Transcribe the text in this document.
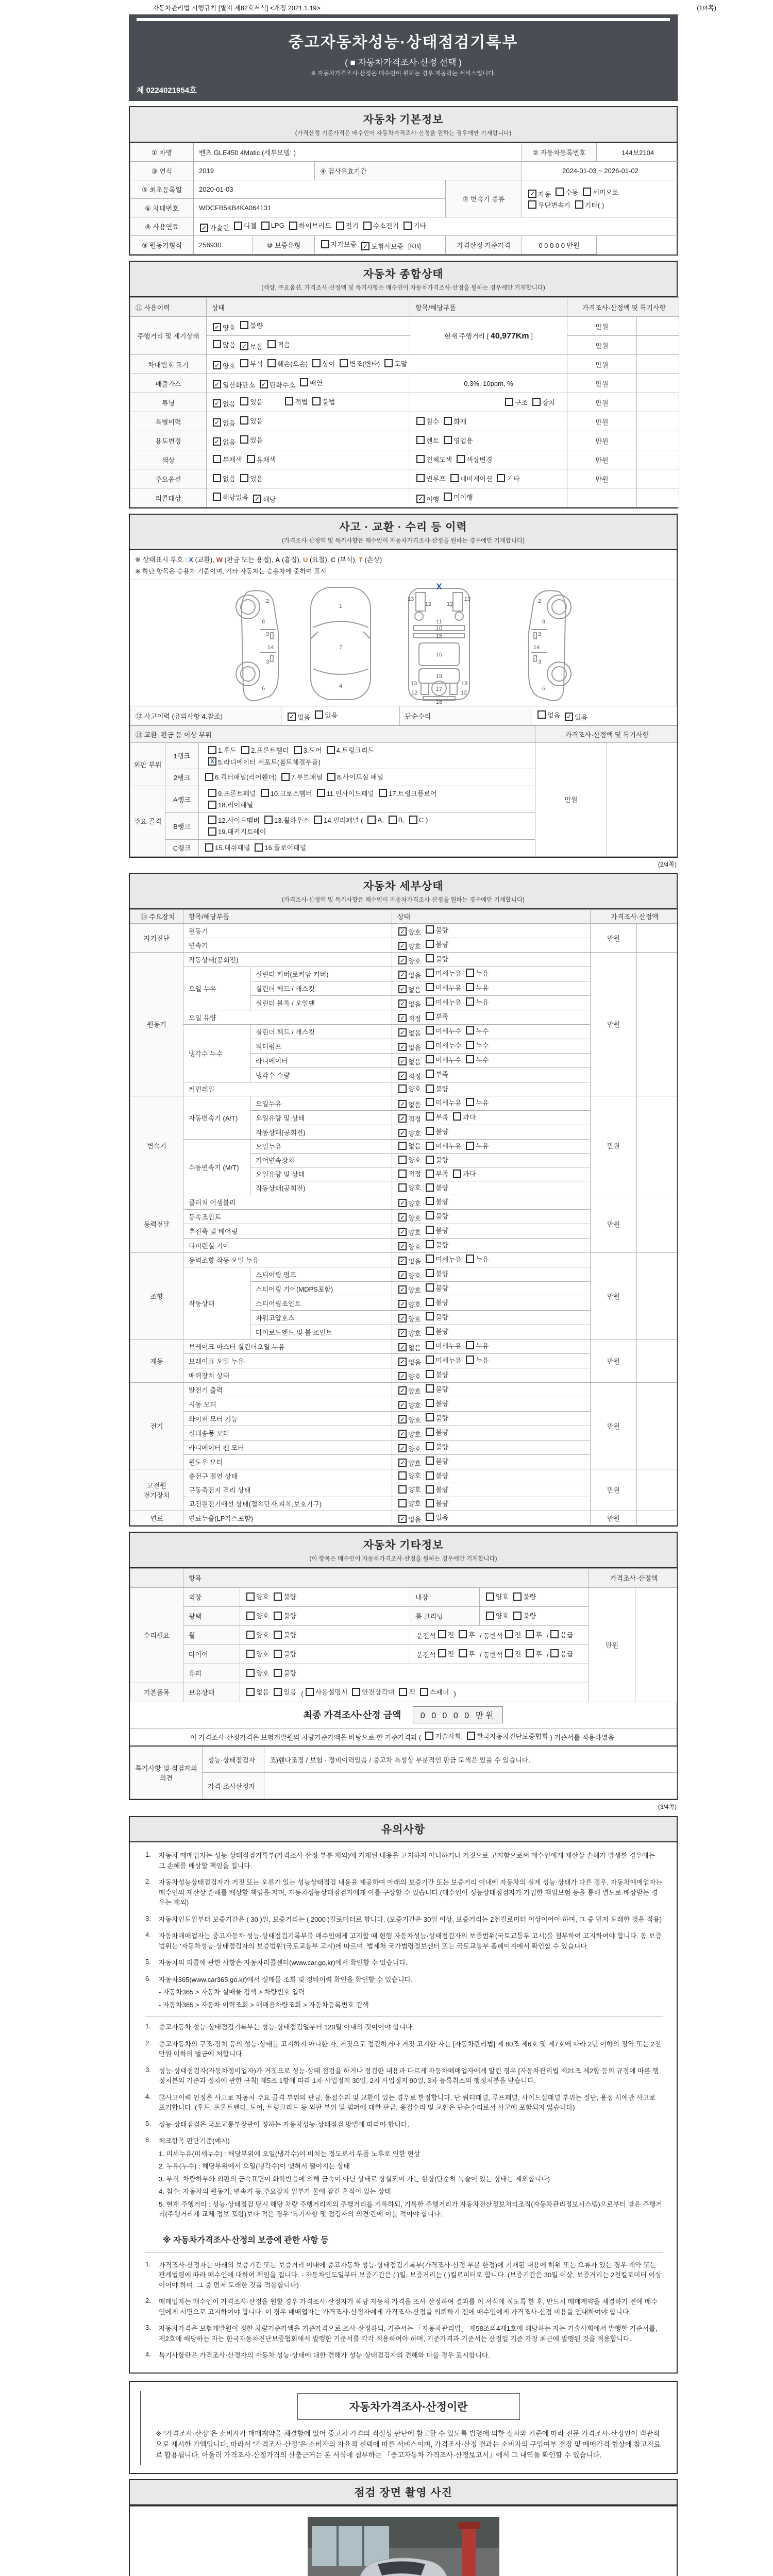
자동차관리법 시행규칙 [별지 제82호서식] <개정 2021.1.19>	(1/4쪽)
중고자동차성능·상태점검기록부
( ■ 자동차가격조사·산정 선택 )
※ 자동차가격조사·산정은 매수인이 원하는 경우 제공하는 서비스입니다.
제 0224021954호
자동차 기본정보
(가격산정 기준가격은 매수인이 자동차가격조사·산정을 원하는 경우에만 기재합니다)
① 차명	벤츠 GLE450 4Matic (세부모델: )				② 자동차등록번호	144보2104
③ 연식	2019		④ 검사유효기간		2024-01-03 ~ 2026-01-02	
⑤ 최초등록일	2020-01-03	⑦ 변속기 종류	
✓ 자동 수동 세미오토
무단변속기 기타( )

⑥ 차대번호	WDCFB5KB4KA064131					
⑧ 사용연료	✓ 가솔린 디젤 LPG 하이브리드 전기 수소전기 기타

⑨ 원동기형식	256930	⑩ 보증유형	자가보증 ✓ 보험사보증 [KB]	가격산정 기준가격	0 0 0 0 0 만원	
자동차 종합상태
(색상, 주요옵션, 가격조사·산정액 및 특기사항은 매수인이 자동차가격조사·산정을 원하는 경우에만 기재합니다)
⑪ 사용이력	상태	항목/해당부품	가격조사·산정액 및 특기사항	
주행거리 및 계기상태	✓ 양호 불량	현재 주행거리 [ 40,977Km ]	만원	

	많음 ✓ 보통 적음		만원	
차대번호 표기	✓ 양호 부식 훼손(오손) 상이 변조(변타) 도말	만원	
배출가스	✓ 일산화탄소 ✓ 탄화수소 매연	0.3%, 10ppm, %	만원	
튜닝	✓ 없음 있음 적법 불법	구조 장치	만원	
특별이력	✓ 없음 있음	침수 화재	만원	
용도변경	✓ 없음 있음	렌트 영업용	만원	
색상	무채색 유채색	전체도색 색상변경	만원	
주요옵션	없음 있음	썬루프 네비게이션 기타	만원	
리콜대상	해당없음 ✓ 해당	✓ 이행 미이행		

사고 · 교환 · 수리 등 이력
(가격조사·산정액 및 특기사항은 매수인이 자동차가격조사·산정을 원하는 경우에만 기재합니다)
※ 상태표시 부호 : X (교환), W (판금 또는 용접), A (흠집), U (요철), C (부식), T (손상)
※ 하단 항목은 승용차 기준이며, 기타 자동차는 승용차에 준하여 표시
2
8
3
14
3
6
1
7
4
13	13
12	12
11
10
15
16
19
13	13
12	12
17
18
2
8
3
14
3
6
X
⑫ 사고이력 (유의사항 4.참조)	✓ 없음 있음	단순수리	없음 ✓ 있음
⑬ 교환, 판금 등 이상 부위			가격조사·산정액 및 특기사항	
외판 부위	1랭크	
1.후드 2.프론트휀더 3.도어 4.트렁크리드
X 5.라디에이터 서포트(볼트체결부품)
	만원	
	2랭크	6.쿼터패널(리어휀더) 7.루브패널 8.사이드실 패널		

주요 골격	A랭크	9.프론트패널 10.크로스멤버 11.인사이드패널 17.트렁크플로어
18.리어패널		

B랭크	
12.사이드멤버 13.휠하우스 14.필러패널 ( A, B, C )
19.패키지트레이

	C랭크	15.대쉬패널 16.플로어패널		
(2/4쪽)
자동차 세부상태
(가격조사·산정액 및 특기사항은 매수인이 자동차가격조사·산정을 원하는 경우에만 기재합니다)
⑭ 주요장치	항목/해당부품		상태	가격조사·산정액	
자기진단	원동기		✓ 양호 불량	만원	
	변속기		✓ 양호 불량		

원동기	작동상태(공회전)		✓ 양호 불량	만원	
	오일 누유	실린더 커버(로커암 커버)	✓ 없음 미세누유 누유		

		실린더 헤드 / 개스킷	✓ 없음 미세누유 누유		

		실린더 블록 / 오일팬	✓ 없음 미세누유 누유		

	오일 유량		✓ 적정 부족		

	냉각수 누수	실린더 헤드 / 개스킷	✓ 없음 미세누수 누수		

		워터펌프	✓ 없음 미세누수 누수		

		라디에이터	✓ 없음 미세누수 누수		

		냉각수 수량	✓ 적정 부족		

	커먼레일		양호 불량		

변속기	자동변속기 (A/T)	오일누유	✓ 없음 미세누유 누유	만원	
		오일유량 및 상태	✓ 적정 부족 과다		

		작동상태(공회전)	✓ 양호 불량		

	수동변속기 (M/T)	오일누유	없음 미세누유 누유		

		기어변속장치	양호 불량		

		오일유량 및 상태	적정 부족 과다		

		작동상태(공회전)	양호 불량		

동력전달	클러치 어셈블리		✓ 양호 불량	만원	
	등속조인트		✓ 양호 불량		

	추진축 및 베어링		✓ 양호 불량		

	디퍼렌셜 기어		✓ 양호 불량		

조향	동력조향 작동 오일 누유		✓ 없음 미세누유 누유	만원	
	작동상태	스티어링 펌프	✓ 양호 불량		

		스티어링 기어(MDPS포함)	✓ 양호 불량		

		스티어링조인트	✓ 양호 불량		

		파워고압호스	✓ 양호 불량		

		타이로드엔드 및 볼 조인트	✓ 양호 불량		

제동	브레이크 마스터 실린더오일 누유		✓ 없음 미세누유 누유	만원	
	브레이크 오일 누유		✓ 없음 미세누유 누유		

	배력장치 상태		✓ 양호 불량		

전기	발전기 출력		✓ 양호 불량	만원	
	시동 모터		✓ 양호 불량		

	와이퍼 모터 기능		✓ 양호 불량		

	실내송풍 모터		✓ 양호 불량		

	라디에이터 팬 모터		✓ 양호 불량		

	윈도우 모터		✓ 양호 불량		

고전원 전기장치	충전구 절연 상태		양호 불량	만원	
	구동축전지 격리 상태		양호 불량		

	고전원전기배선 상태(접속단자,피복,보호기구)		양호 불량		

연료	연료누출(LP가스포함)		✓ 없음 있음	만원	
자동차 기타정보
(이 항목은 매수인이 자동차가격조사·산정을 원하는 경우에만 기재합니다)
	항목				가격조사·산정액	
수리필요	외장	양호 불량	내장	양호 불량	만원	
	광택	양호 불량	룸 크리닝	양호 불량		

휠	양호 불량	운전석 전 후 / 동반석 전 후 / 응급

타이어	양호 불량	운전석 전 후 / 동반석 전 후 / 응급

	유리	양호 불량				

기본품목	보유상태	없음 있음 ( 사용설명서 안전삼각대 잭 스패너 )
최종 가격조사·산정 금액 0 0 0 0 0 만원
이 가격조사·산정가격은 보험개발원의 차량기준가액을 바탕으로 한 기준가격과 ( 기술사회, 한국자동차진단보증협회 ) 기준서를 적용하였음
특기사항 및 점검자의 의견	성능·상태점검자	조)휀다조정 / 보험 · 정비이력있음 / 중고차 특성상 부분적인 판금 도색은 있을 수 있습니다.
	가격·조사산정자	
(3/4쪽)
유의사항
1.	자동차 매매업자는 성능·상태점검기록부(가격조사·산정 부분 제외)에 기재된 내용을 고지하지 아니하거나 거짓으로 고지함으로써 매수인에게 재산상 손해가 발생한 경우에는 그 손해를 배상할 책임을 집니다.
2.	자동차성능상태점검자가 거짓 또는 오류가 있는 성능상태점검 내용을 제공하여 아래의 보증기간 또는 보증거리 이내에 자동차의 실제 성능·상태가 다른 경우, 자동차매매업자는 매수인의 재산상 손해를 배상할 책임을 지며, 자동차성능상태점검자에게 이를 구상할 수 있습니다.(매수인이 성능상태점검자가 가입한 책임보험 등을 통해 별도로 배상받는 경우는 제외)
3.	자동차인도일부터 보증기간은 ( 30 )일, 보증거리는 ( 2000 )킬로미터로 합니다. (보증기간은 30일 이상, 보증거리는 2천킬로미터 이상이어야 하며, 그 중 먼저 도래한 것을 적용)
4.	자동차매매업자는 중고자동차 성능·상태점검기록부를 매수인에게 고지할 때 현행 자동차성능·상태점검자의 보증범위(국토교통부 고시)를 첨부하여 고지하여야 합니다. 동 보증범위는 '자동차성능·상태점검자의 보증범위'(국토교통부 고시)에 따르며, 법제처 국가법령정보센터 또는 국토교통부 홈페이지에서 확인할 수 있습니다.
5.	자동차의 리콜에 관한 사항은 자동차리콜센터(www.car.go.kr)에서 확인할 수 있습니다.
6.	자동차365(www.car365.go.kr)에서 실매물 조회 및 정비이력 확인을 확인할 수 있습니다.
- 자동차365 > 자동차 실매물 검색 > 차량번호 입력
- 자동차365 > 자동차 이력조회 > 매매용차량조회 > 자동차등록번호 검색
1.	중고자동차 성능·상태점검기록부는 성능·상태점검일부터 120일 이내의 것이어야 합니다.
2.	중고자동차의 구조·장치 등의 성능·상태를 고지하지 아니한 자, 거짓으로 점검하거나 거짓 고지한 자는 [자동차관리법] 제 80조 제6호 및 제7호에 따라 2년 이하의 징역 또는 2천만원 이하의 벌금에 처합니다.
3.	성능·상태점검자(자동차정비업자)가 거짓으로 성능·상태 점검을 하거나 점검한 내용과 다르게 자동차매매업자에게 알린 경우 [자동차관리법 제21조 제2항 등의 규정에 따른 행정처분의 기준과 절차에 관한 규칙] 제5조 1항에 따라 1차 사업정지 30일, 2차 사업정지 90일, 3차 등록취소의 행정처분을 받습니다.
4.	⑫사고이력 인정은 사고로 자동차 주요 골격 부위의 판금, 용접수리 및 교환이 있는 경우로 한정합니다. 단 쿼터패널, 루프패널, 사이드실패널 부위는 절단, 용접 시에만 사고로 표기합니다. (후드, 프론트펜더, 도어, 트렁크리드 등 외판 부위 및 범퍼에 대한 판금, 용접수리 및 교환은 단순수리로서 사고에 포함되지 않습니다)
5.	성능·상태점검은 국토교통부장관이 정하는 자동차성능·상태점검 방법에 따라야 합니다.
6.	체크항목 판단기준(예시)
1. 미세누유(미세누수) : 해당부위에 오일(냉각수)이 비치는 정도로서 부품 노후로 인한 현상
2. 누유(누수) : 해당부위에서 오일(냉각수)이 맺혀서 떨어지는 상태
3. 부식: 차량하부와 외판의 금속표면이 화학반응에 의해 금속이 아닌 상태로 상실되어 가는 현상(단순히 녹슬어 있는 상태는 제외합니다)
4. 침수: 자동차의 원동기, 변속기 등 주요장치 일부가 물에 잠긴 흔적이 있는 상태
5. 현재 주행거리 : 성능·상태점검 당시 해당 차량 주행거리계의 주행거리를 기록하되, 기록한 주행거리가 자동차전산정보처리조직(자동차관리정보시스템)으로부터 받은 주행거리(주행거리계 교체 정보 포함)보다 적은 경우 '특기사항 및 점검자의 의견'란에 이를 적어야 합니다.
※ 자동차가격조사·산정의 보증에 관한 사항 등
1.	가격조사·산정자는 아래의 보증기간 또는 보증거리 이내에 중고자동차 성능·상태점검기록부(가격조사·산정 부분 한정)에 기재된 내용에 허위 또는 오류가 있는 경우 계약 또는 관계법령에 따라 매수인에 대하여 책임을 집니다. · 자동차인도일부터 보증기간은 ( )일, 보증거리는 ( )킬로미터로 합니다. (보증기간은 30일 이상, 보증거리는 2천킬로미터 이상이어야 하며, 그 중 먼저 도래한 것을 적용합니다)
2.	매매업자는 매수인이 가격조사·산정을 원할 경우 가격조사·산정자가 해당 자동차 가격을 조사·산정하여 결과를 이 서식에 적도록 한 후, 반드시 매매계약을 체결하기 전에 매수인에게 서면으로 고지하여야 합니다. 이 경우 매매업자는 가격조사·산정자에게 가격조사·산정을 의뢰하기 전에 매수인에게 가격조사·산정 비용을 안내하여야 합니다.
3.	자동차가격은 보험개발원이 정한 차량기준가액을 기준가격으로 조사·산정하되, 기준서는 「자동차관리법」 제58조의4제1호에 해당하는 자는 기술사회에서 발행한 기준서를, 제2호에 해당하는 자는 한국자동차진단보증협회에서 발행한 기준서를 각각 적용하여야 하며, 기준가격과 기준서는 산정일 기준 가장 최근에 발행된 것을 적용합니다.
4.	특기사항란은 가격조사·산정자의 자동차 성능·상태에 대한 견해가 성능·상태점검자의 견해와 다를 경우 표시합니다.
자동차가격조사·산정이란
※ “가격조사·산정”은 소비자가 매매계약을 체결함에 있어 중고차 가격의 적절성 판단에 참고할 수 있도록 법령에 의한 절차와 기준에 따라 전문 가격조사·산정인이 객관적으로 제시한 가액입니다. 따라서 “가격조사·산정”은 소비자의 자율적 선택에 따른 서비스이며, 가격조사·산정 결과는 소비자의 구입여부 결정 및 매매가격 협상에 참고자료로 활용됩니다. 아울러 가격조사·산정가격의 산출근거는 본 서식에 첨부하는 「중고자동차 가격조사·산정보고서」에서 그 내역을 확인할 수 있습니다.
점검 장면 촬영 사진
